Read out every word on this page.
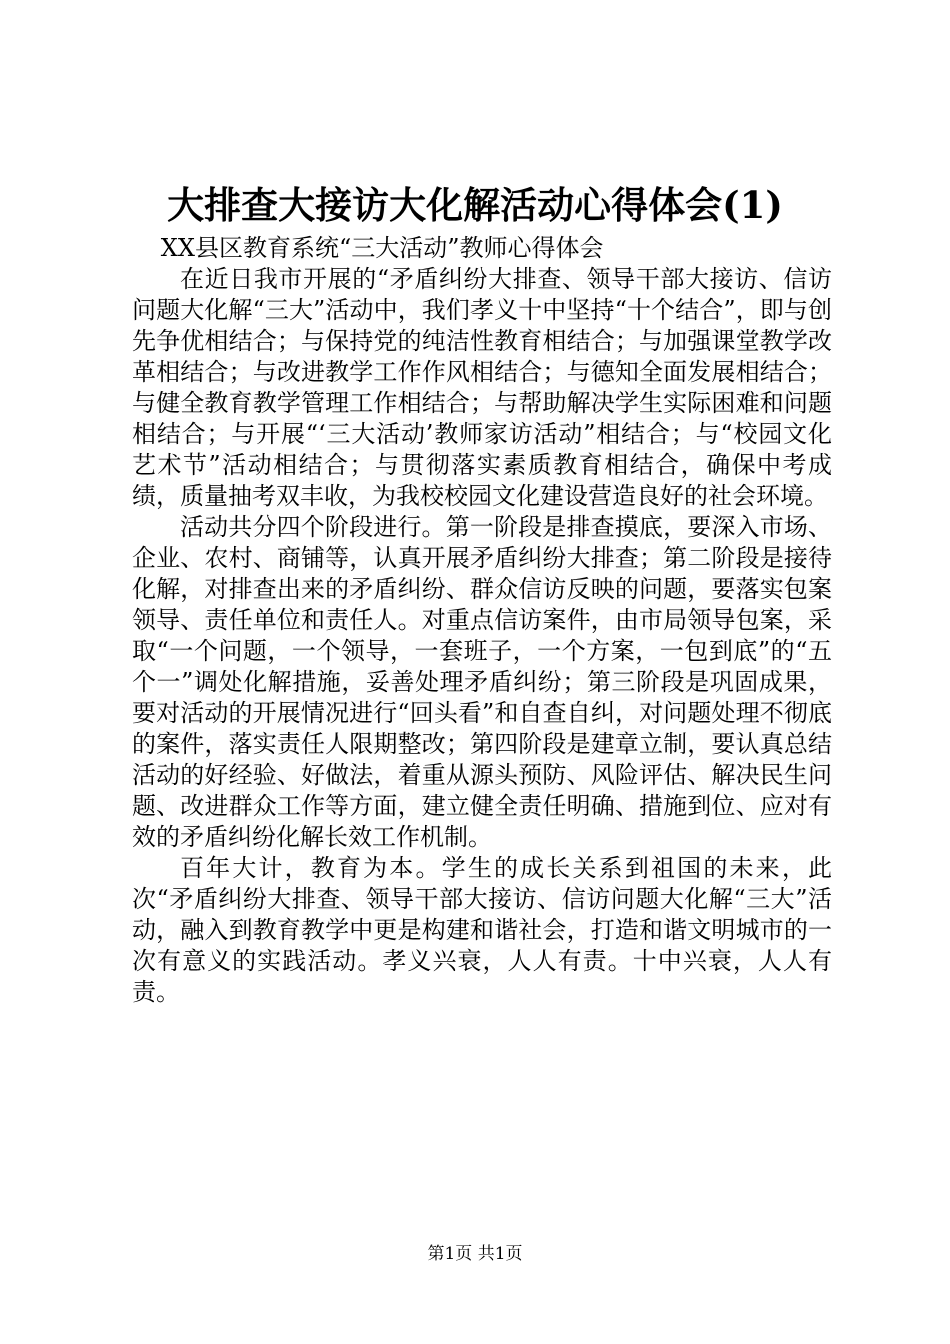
大排查大接访大化解活动心得体会(1)

XX县区教育系统“三大活动”教师心得体会

在近日我市开展的“矛盾纠纷大排查、领导干部大接访、信访问题大化解“三大”活动中，我们孝义十中坚持“十个结合”，即与创先争优相结合；与保持党的纯洁性教育相结合；与加强课堂教学改革相结合；与改进教学工作作风相结合；与德知全面发展相结合；与健全教育教学管理工作相结合；与帮助解决学生实际困难和问题相结合；与开展“‘三大活动’教师家访活动”相结合；与“校园文化艺术节”活动相结合；与贯彻落实素质教育相结合，确保中考成绩，质量抽考双丰收，为我校校园文化建设营造良好的社会环境。

活动共分四个阶段进行。第一阶段是排查摸底，要深入市场、企业、农村、商铺等，认真开展矛盾纠纷大排查；第二阶段是接待化解，对排查出来的矛盾纠纷、群众信访反映的问题，要落实包案领导、责任单位和责任人。对重点信访案件，由市局领导包案，采取“一个问题，一个领导，一套班子，一个方案，一包到底”的“五个一”调处化解措施，妥善处理矛盾纠纷；第三阶段是巩固成果，要对活动的开展情况进行“回头看”和自查自纠，对问题处理不彻底的案件，落实责任人限期整改；第四阶段是建章立制，要认真总结活动的好经验、好做法，着重从源头预防、风险评估、解决民生问题、改进群众工作等方面，建立健全责任明确、措施到位、应对有效的矛盾纠纷化解长效工作机制。

百年大计，教育为本。学生的成长关系到祖国的未来，此次“矛盾纠纷大排查、领导干部大接访、信访问题大化解“三大”活动，融入到教育教学中更是构建和谐社会，打造和谐文明城市的一次有意义的实践活动。孝义兴衰，人人有责。十中兴衰，人人有责。

第1页 共1页
